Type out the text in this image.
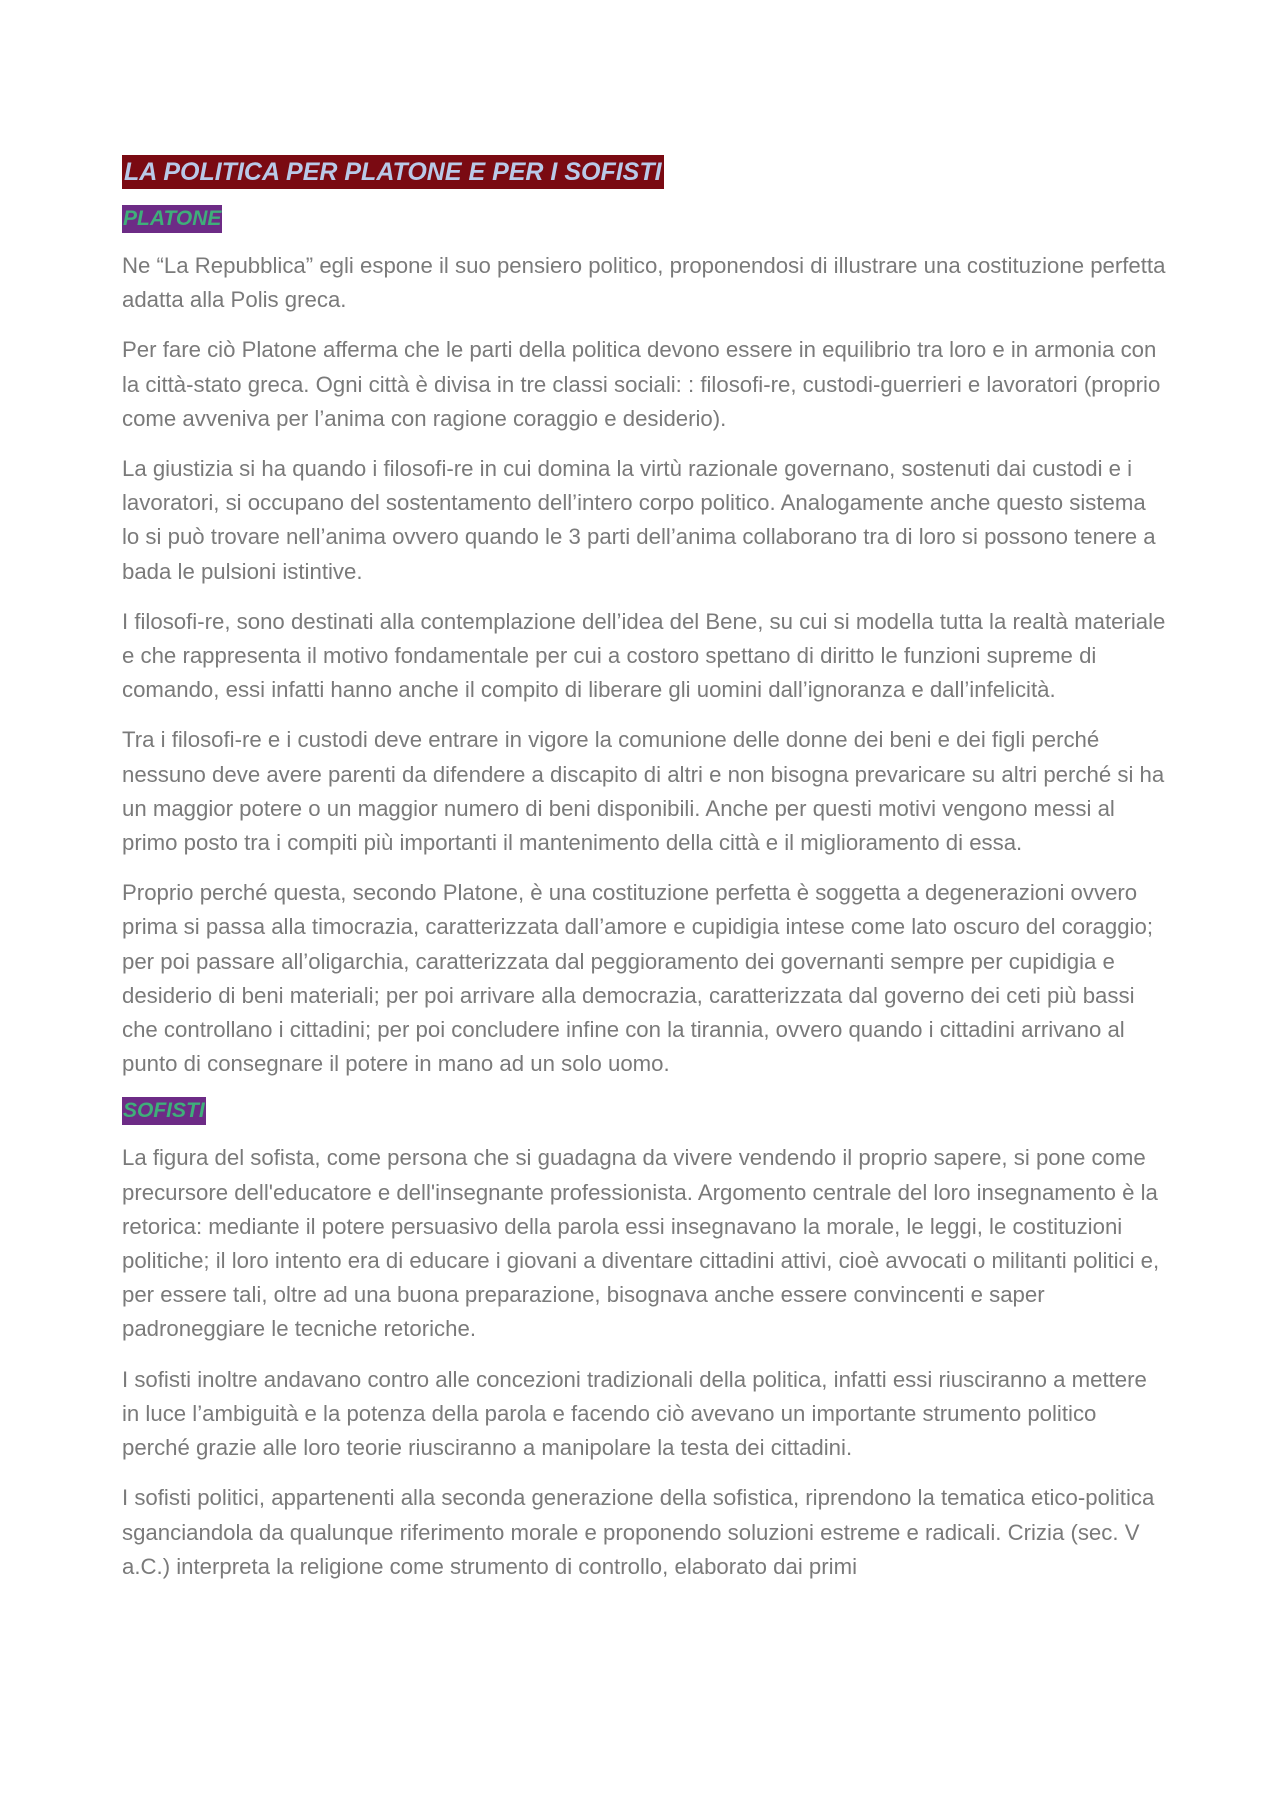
LA POLITICA PER PLATONE E PER I SOFISTI
PLATONE

Ne “La Repubblica” egli espone il suo pensiero politico, proponendosi di illustrare una costituzione perfetta adatta alla Polis greca.

Per fare ciò Platone afferma che le parti della politica devono essere in equilibrio tra loro e in armonia con la città-stato greca. Ogni città è divisa in tre classi sociali: : filosofi-re, custodi-guerrieri e lavoratori (proprio come avveniva per l’anima con ragione coraggio e desiderio).

La giustizia si ha quando i filosofi-re in cui domina la virtù razionale governano, sostenuti dai custodi e i lavoratori, si occupano del sostentamento dell’intero corpo politico. Analogamente anche questo sistema lo si può trovare nell’anima ovvero quando le 3 parti dell’anima collaborano tra di loro si possono tenere a bada le pulsioni istintive.

I filosofi-re, sono destinati alla contemplazione dell’idea del Bene, su cui si modella tutta la realtà materiale e che rappresenta il motivo fondamentale per cui a costoro spettano di diritto le funzioni supreme di comando, essi infatti hanno anche il compito di liberare gli uomini dall’ignoranza e dall’infelicità.

Tra i filosofi-re e i custodi deve entrare in vigore la comunione delle donne dei beni e dei figli perché nessuno deve avere parenti da difendere a discapito di altri e non bisogna prevaricare su altri perché si ha un maggior potere o un maggior numero di beni disponibili. Anche per questi motivi vengono messi al primo posto tra i compiti più importanti il mantenimento della città e il miglioramento di essa.

Proprio perché questa, secondo Platone, è una costituzione perfetta è soggetta a degenerazioni ovvero prima si passa alla timocrazia, caratterizzata dall’amore e cupidigia intese come lato oscuro del coraggio; per poi passare all’oligarchia, caratterizzata dal peggioramento dei governanti sempre per cupidigia e desiderio di beni materiali; per poi arrivare alla democrazia, caratterizzata dal governo dei ceti più bassi che controllano i cittadini; per poi concludere infine con la tirannia, ovvero quando i cittadini arrivano al punto di consegnare il potere in mano ad un solo uomo.

SOFISTI

La figura del sofista, come persona che si guadagna da vivere vendendo il proprio sapere, si pone come precursore dell'educatore e dell'insegnante professionista. Argomento centrale del loro insegnamento è la retorica: mediante il potere persuasivo della parola essi insegnavano la morale, le leggi, le costituzioni politiche; il loro intento era di educare i giovani a diventare cittadini attivi, cioè avvocati o militanti politici e, per essere tali, oltre ad una buona preparazione, bisognava anche essere convincenti e saper padroneggiare le tecniche retoriche.

I sofisti inoltre andavano contro alle concezioni tradizionali della politica, infatti essi riusciranno a mettere in luce l’ambiguità e la potenza della parola e facendo ciò avevano un importante strumento politico perché grazie alle loro teorie riusciranno a manipolare la testa dei cittadini.

I sofisti politici, appartenenti alla seconda generazione della sofistica, riprendono la tematica etico-politica sganciandola da qualunque riferimento morale e proponendo soluzioni estreme e radicali. Crizia (sec. V a.C.) interpreta la religione come strumento di controllo, elaborato dai primi
